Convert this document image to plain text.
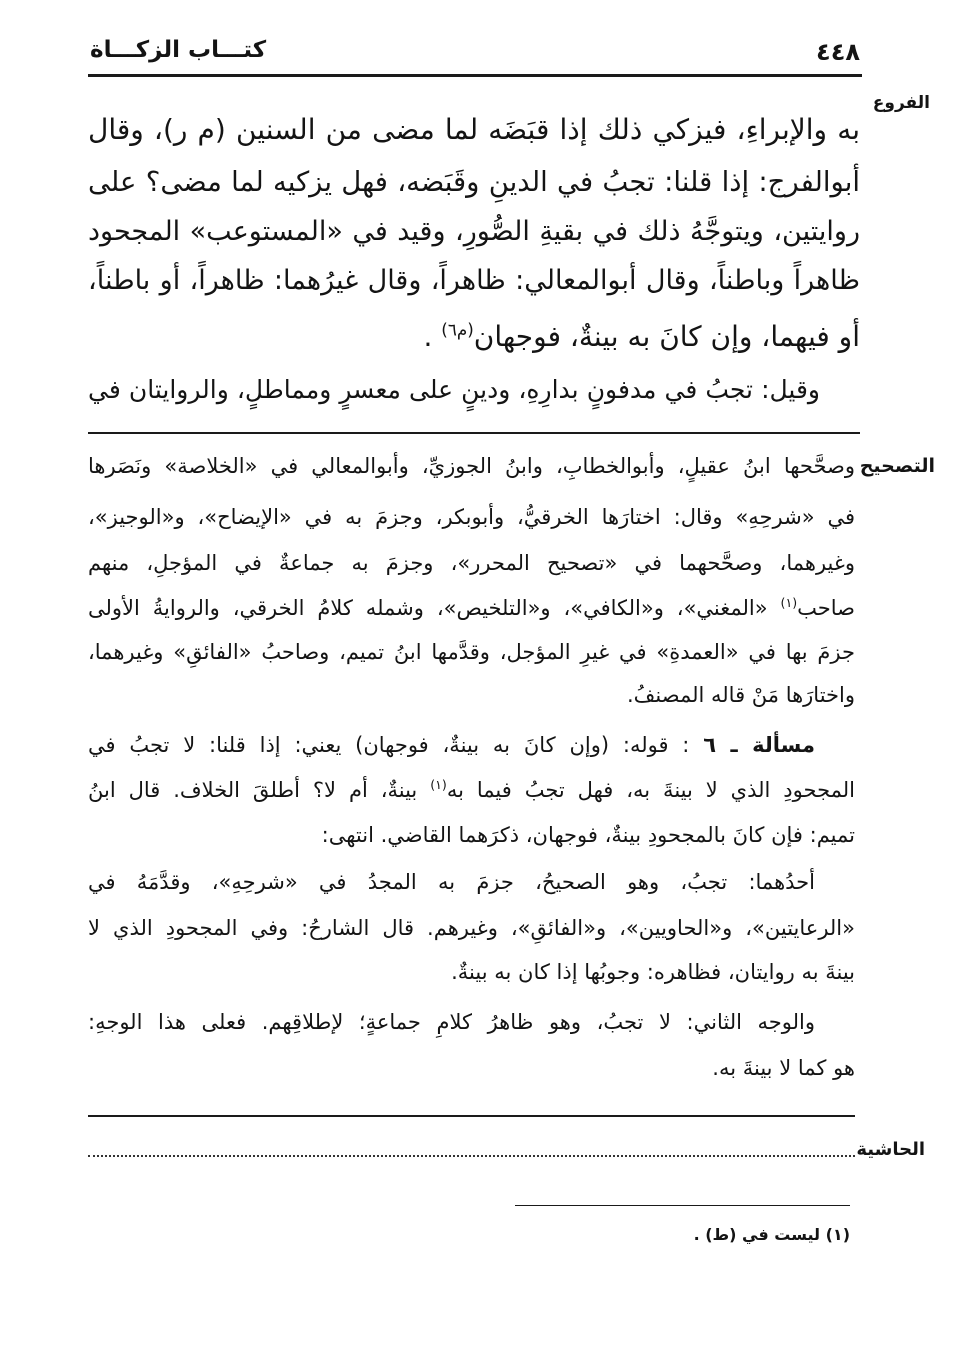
٤٤٨
كتـــاب الزكـــاة
الفروع
به والإبراءِ، فيزكي ذلك إذا قبَضَه لما مضى من السنين (م ر)، وقال
أبوالفرج: إذا قلنا: تجبُ في الدينِ وقَبَضه، فهل يزكيه لما مضى؟ على
روايتين، ويتوجَّهُ ذلك في بقيةِ الصُّورِ، وقيد في «المستوعب» المجحود
ظاهراً وباطناً، وقال أبوالمعالي: ظاهراً، وقال غيرُهما: ظاهراً، أو باطناً،
أو فيهما، وإن كانَ به بينةٌ، فوجهان$^{(م٦)}$ .
وقيل: تجبُ في مدفونٍ بدارِهِ، ودينٍ على معسرٍ ومماطلٍ، والروايتان في
التصحيح
وصحَّحها ابنُ عقيلٍ، وأبوالخطابِ، وابنُ الجوزيِّ، وأبوالمعالي في «الخلاصة» ونَصَرها
في «شرحِهِ» وقال: اختارَها الخرقيُّ، وأبوبكر، وجزمَ به في «الإيضاح»، و«الوجيز»،
وغيرهما، وصحَّحهما في «تصحيح المحرر»، وجزمَ به جماعةٌ في المؤجلِ، منهم
صاحب$^{(١)}$ «المغني»، و«الكافي»، و«التلخيص»، وشمله كلامُ الخرقي، والروايةُ الأولى
جزمَ بها في «العمدةِ» في غيرِ المؤجل، وقدَّمها ابنُ تميم، وصاحبُ «الفائقِ» وغيرهما،
واختارَها مَنْ قاله المصنفُ.
مسألة ـ ٦ : قوله: (وإن كانَ به بينةٌ، فوجهان) يعني: إذا قلنا: لا تجبُ في
المجحودِ الذي لا بينةَ به، فهل تجبُ فيما به$^{(١)}$ بينةٌ، أم لا؟ أطلقَ الخلاف. قال ابنُ
تميم: فإن كانَ بالمجحودِ بينةٌ، فوجهان، ذكرَهما القاضي. انتهى:
أحدُهما: تجبُ، وهو الصحيحُ، جزمَ به المجدُ في «شرحِهِ»، وقدَّمَهُ في
«الرعايتين»، و«الحاويين»، و«الفائقِ»، وغيرهم. قال الشارحُ: وفي المجحودِ الذي لا
بينةَ به روايتان، فظاهره: وجوبُها إذا كان به بينةٌ.
والوجه الثاني: لا تجبُ، وهو ظاهرُ كلامِ جماعةٍ؛ لإطلاقِهم. فعلى هذا الوجهِ:
هو كما لا بينةَ به.
الحاشية
(١) ليست في (ط) .
